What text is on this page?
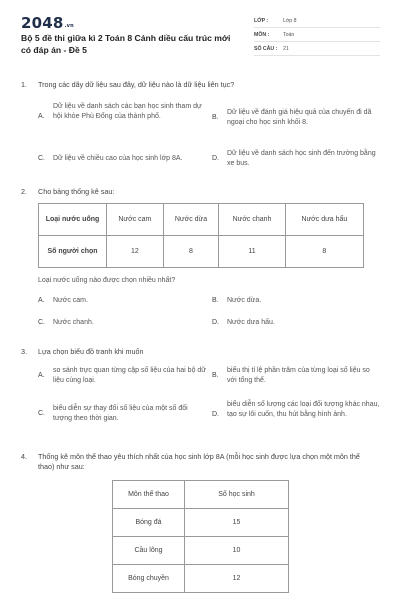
2048.vn
Bộ 5 đề thi giữa kì 2 Toán 8 Cánh diều cấu trúc mới có đáp án - Đề 5
LỚP :	Lớp 8
MÔN :	Toán
SỐ CÂU :	21
1. Trong các dãy dữ liệu sau đây, dữ liệu nào là dữ liệu liên tục?
A.
Dữ liệu về danh sách các bạn học sinh tham dự hội khỏe Phù Đổng của thành phố.	B.
Dữ liệu về đánh giá hiệu quả của chuyến đi dã ngoại cho học sinh khối 8.
C. Dữ liệu về chiều cao của học sinh lớp 8A.	D.
Dữ liệu về danh sách học sinh đến trường bằng xe bus.
2. Cho bảng thống kê sau:
Loại nước uống	Nước cam	Nước dừa	Nước chanh	Nước dưa hấu
Số người chọn	12	8	11	8
Loại nước uống nào được chọn nhiều nhất?
A. Nước cam.	B. Nước dừa.
C. Nước chanh.	D. Nước dưa hấu.
3. Lựa chọn biểu đồ tranh khi muốn
A.
so sánh trực quan từng cặp số liệu của hai bộ dữ liệu cùng loại.
B.
biểu thị tỉ lệ phần trăm của từng loại số liệu so với tổng thể.
C.
biểu diễn sự thay đổi số liệu của một số đối tượng theo thời gian.
D.
biểu diễn số lượng các loại đối tượng khác nhau, tạo sự lôi cuốn, thu hút bằng hình ảnh.
4. Thống kê môn thể thao yêu thích nhất của học sinh lớp 8A (mỗi học sinh được lựa chọn một môn thể thao) như sau:
Môn thể thao	Số học sinh
Bóng đá	15
Cầu lông	10
Bóng chuyền	12
